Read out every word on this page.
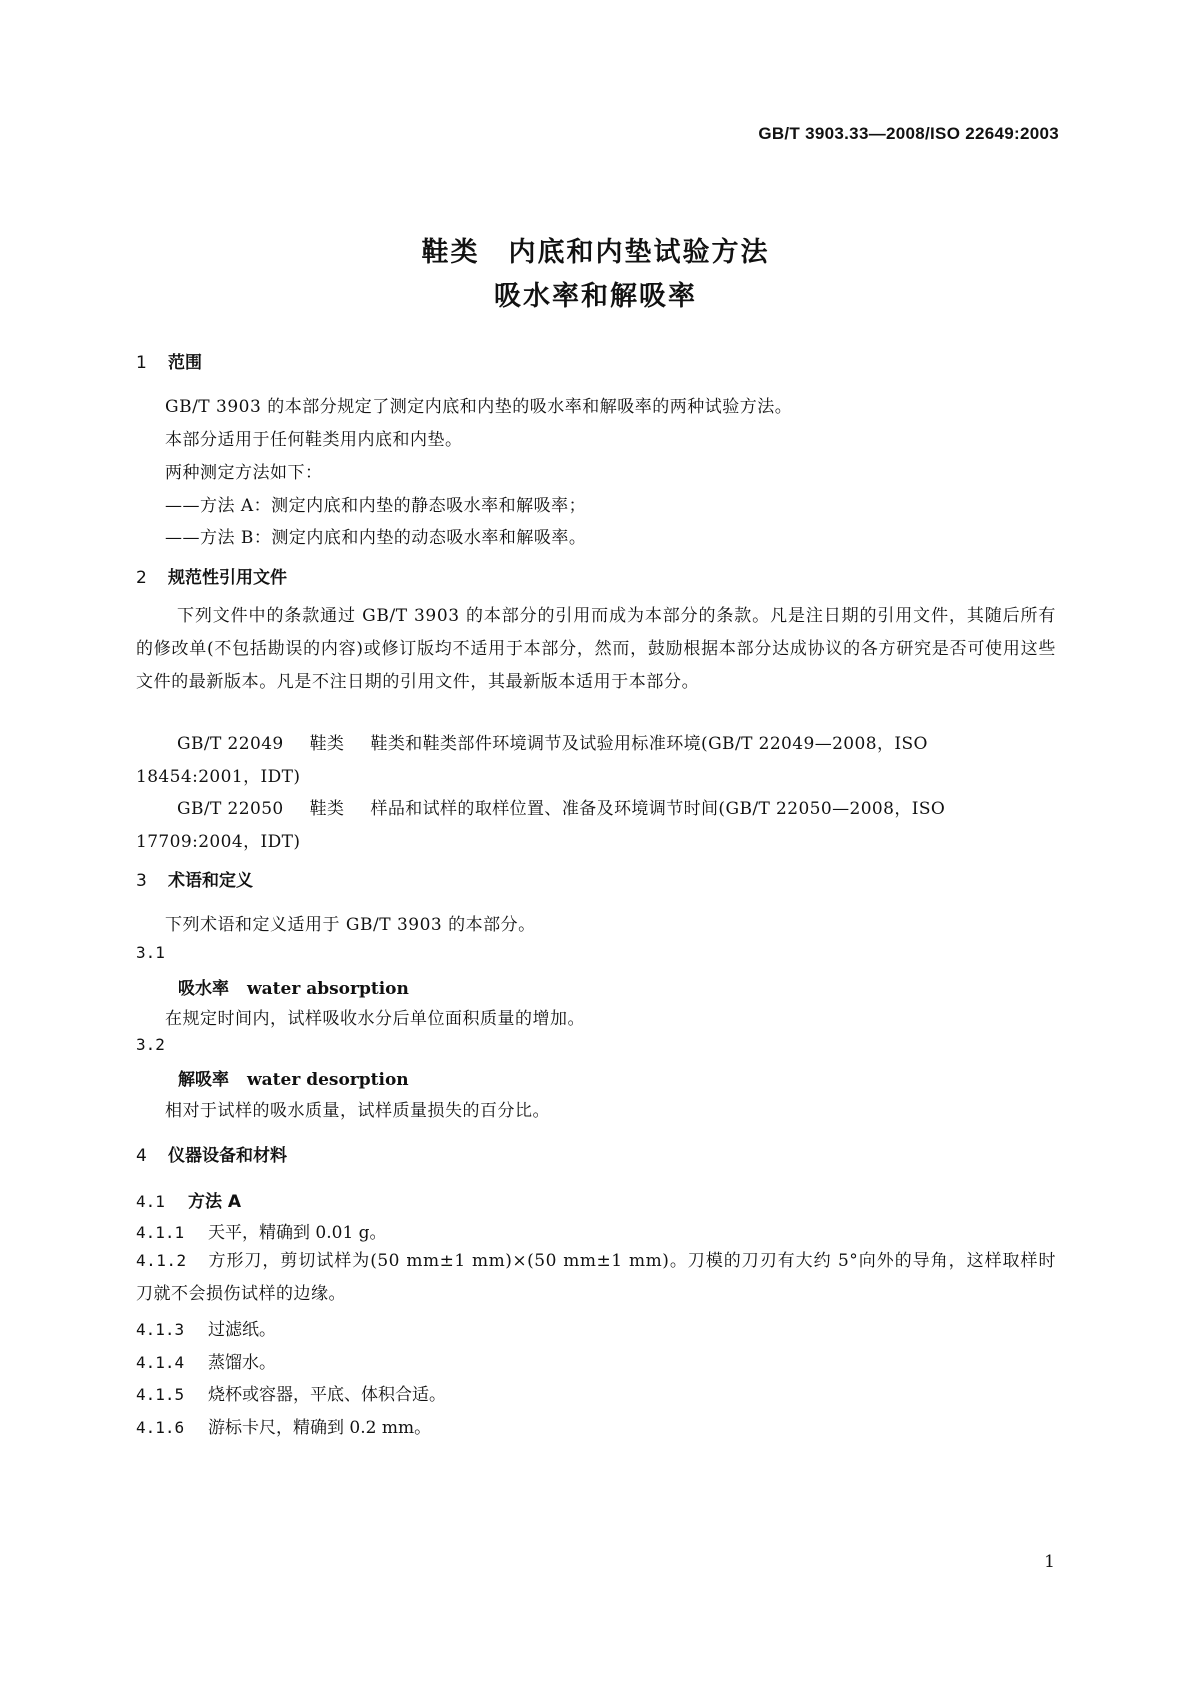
GB/T 3903.33—2008/ISO 22649:2003
鞋类　内底和内垫试验方法
吸水率和解吸率
1 范围
GB/T 3903 的本部分规定了测定内底和内垫的吸水率和解吸率的两种试验方法。
本部分适用于任何鞋类用内底和内垫。
两种测定方法如下：
——方法 A：测定内底和内垫的静态吸水率和解吸率；
——方法 B：测定内底和内垫的动态吸水率和解吸率。
2 规范性引用文件
下列文件中的条款通过 GB/T 3903 的本部分的引用而成为本部分的条款。凡是注日期的引用文件，其随后所有的修改单(不包括勘误的内容)或修订版均不适用于本部分，然而，鼓励根据本部分达成协议的各方研究是否可使用这些文件的最新版本。凡是不注日期的引用文件，其最新版本适用于本部分。
GB/T 22049 鞋类 鞋类和鞋类部件环境调节及试验用标准环境(GB/T 22049—2008，ISO 18454:2001，IDT)
GB/T 22050 鞋类 样品和试样的取样位置、准备及环境调节时间(GB/T 22050—2008，ISO 17709:2004，IDT)
3 术语和定义
下列术语和定义适用于 GB/T 3903 的本部分。
3.1
吸水率 water absorption
在规定时间内，试样吸收水分后单位面积质量的增加。
3.2
解吸率 water desorption
相对于试样的吸水质量，试样质量损失的百分比。
4 仪器设备和材料
4.1 方法 A
4.1.1 天平，精确到 0.01 g。
4.1.2 方形刀，剪切试样为(50 mm±1 mm)×(50 mm±1 mm)。刀模的刀刃有大约 5°向外的导角，这样取样时刀就不会损伤试样的边缘。
4.1.3 过滤纸。
4.1.4 蒸馏水。
4.1.5 烧杯或容器，平底、体积合适。
4.1.6 游标卡尺，精确到 0.2 mm。
1
